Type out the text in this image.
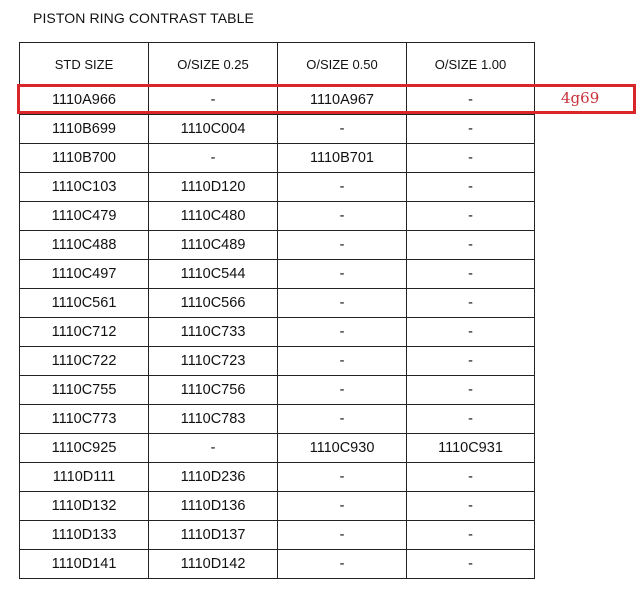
PISTON RING CONTRAST TABLE
STD SIZE	O/SIZE 0.25	O/SIZE 0.50	O/SIZE 1.00
1110A966	-	1110A967	-
1110B699	1110C004	-	-
1110B700	-	1110B701	-
1110C103	1110D120	-	-
1110C479	1110C480	-	-
1110C488	1110C489	-	-
1110C497	1110C544	-	-
1110C561	1110C566	-	-
1110C712	1110C733	-	-
1110C722	1110C723	-	-
1110C755	1110C756	-	-
1110C773	1110C783	-	-
1110C925	-	1110C930	1110C931
1110D111	1110D236	-	-
1110D132	1110D136	-	-
1110D133	1110D137	-	-
1110D141	1110D142	-	-
4g69
